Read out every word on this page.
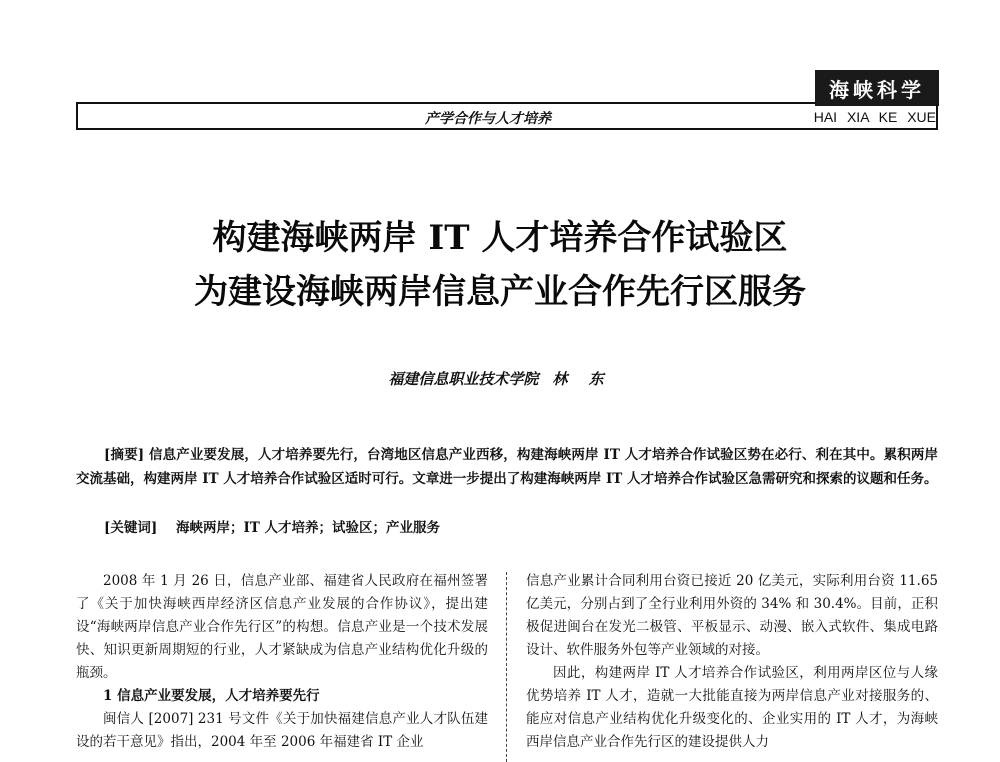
海峡科学
产学合作与人才培养	HAI XIA KE XUE
构建海峡两岸 IT 人才培养合作试验区
为建设海峡两岸信息产业合作先行区服务
福建信息职业技术学院 林 东
[摘要] 信息产业要发展，人才培养要先行，台湾地区信息产业西移，构建海峡两岸 IT 人才培养合作试验区势在必行、利在其中。累积两岸交流基础，构建两岸 IT 人才培养合作试验区适时可行。文章进一步提出了构建海峡两岸 IT 人才培养合作试验区急需研究和探索的议题和任务。
[关键词] 海峡两岸；IT 人才培养；试验区；产业服务

2008 年 1 月 26 日，信息产业部、福建省人民政府在福州签署了《关于加快海峡西岸经济区信息产业发展的合作协议》，提出建设“海峡两岸信息产业合作先行区”的构想。信息产业是一个技术发展快、知识更新周期短的行业，人才紧缺成为信息产业结构优化升级的瓶颈。

1 信息产业要发展，人才培养要先行

闽信人 [2007] 231 号文件《关于加快福建信息产业人才队伍建设的若干意见》指出，2004 年至 2006 年福建省 IT 企业

信息产业累计合同利用台资已接近 20 亿美元，实际利用台资 11.65 亿美元，分别占到了全行业利用外资的 34% 和 30.4%。目前，正积极促进闽台在发光二极管、平板显示、动漫、嵌入式软件、集成电路设计、软件服务外包等产业领域的对接。

因此，构建两岸 IT 人才培养合作试验区，利用两岸区位与人缘优势培养 IT 人才，造就一大批能直接为两岸信息产业对接服务的、能应对信息产业结构优化升级变化的、企业实用的 IT 人才，为海峡西岸信息产业合作先行区的建设提供人力
